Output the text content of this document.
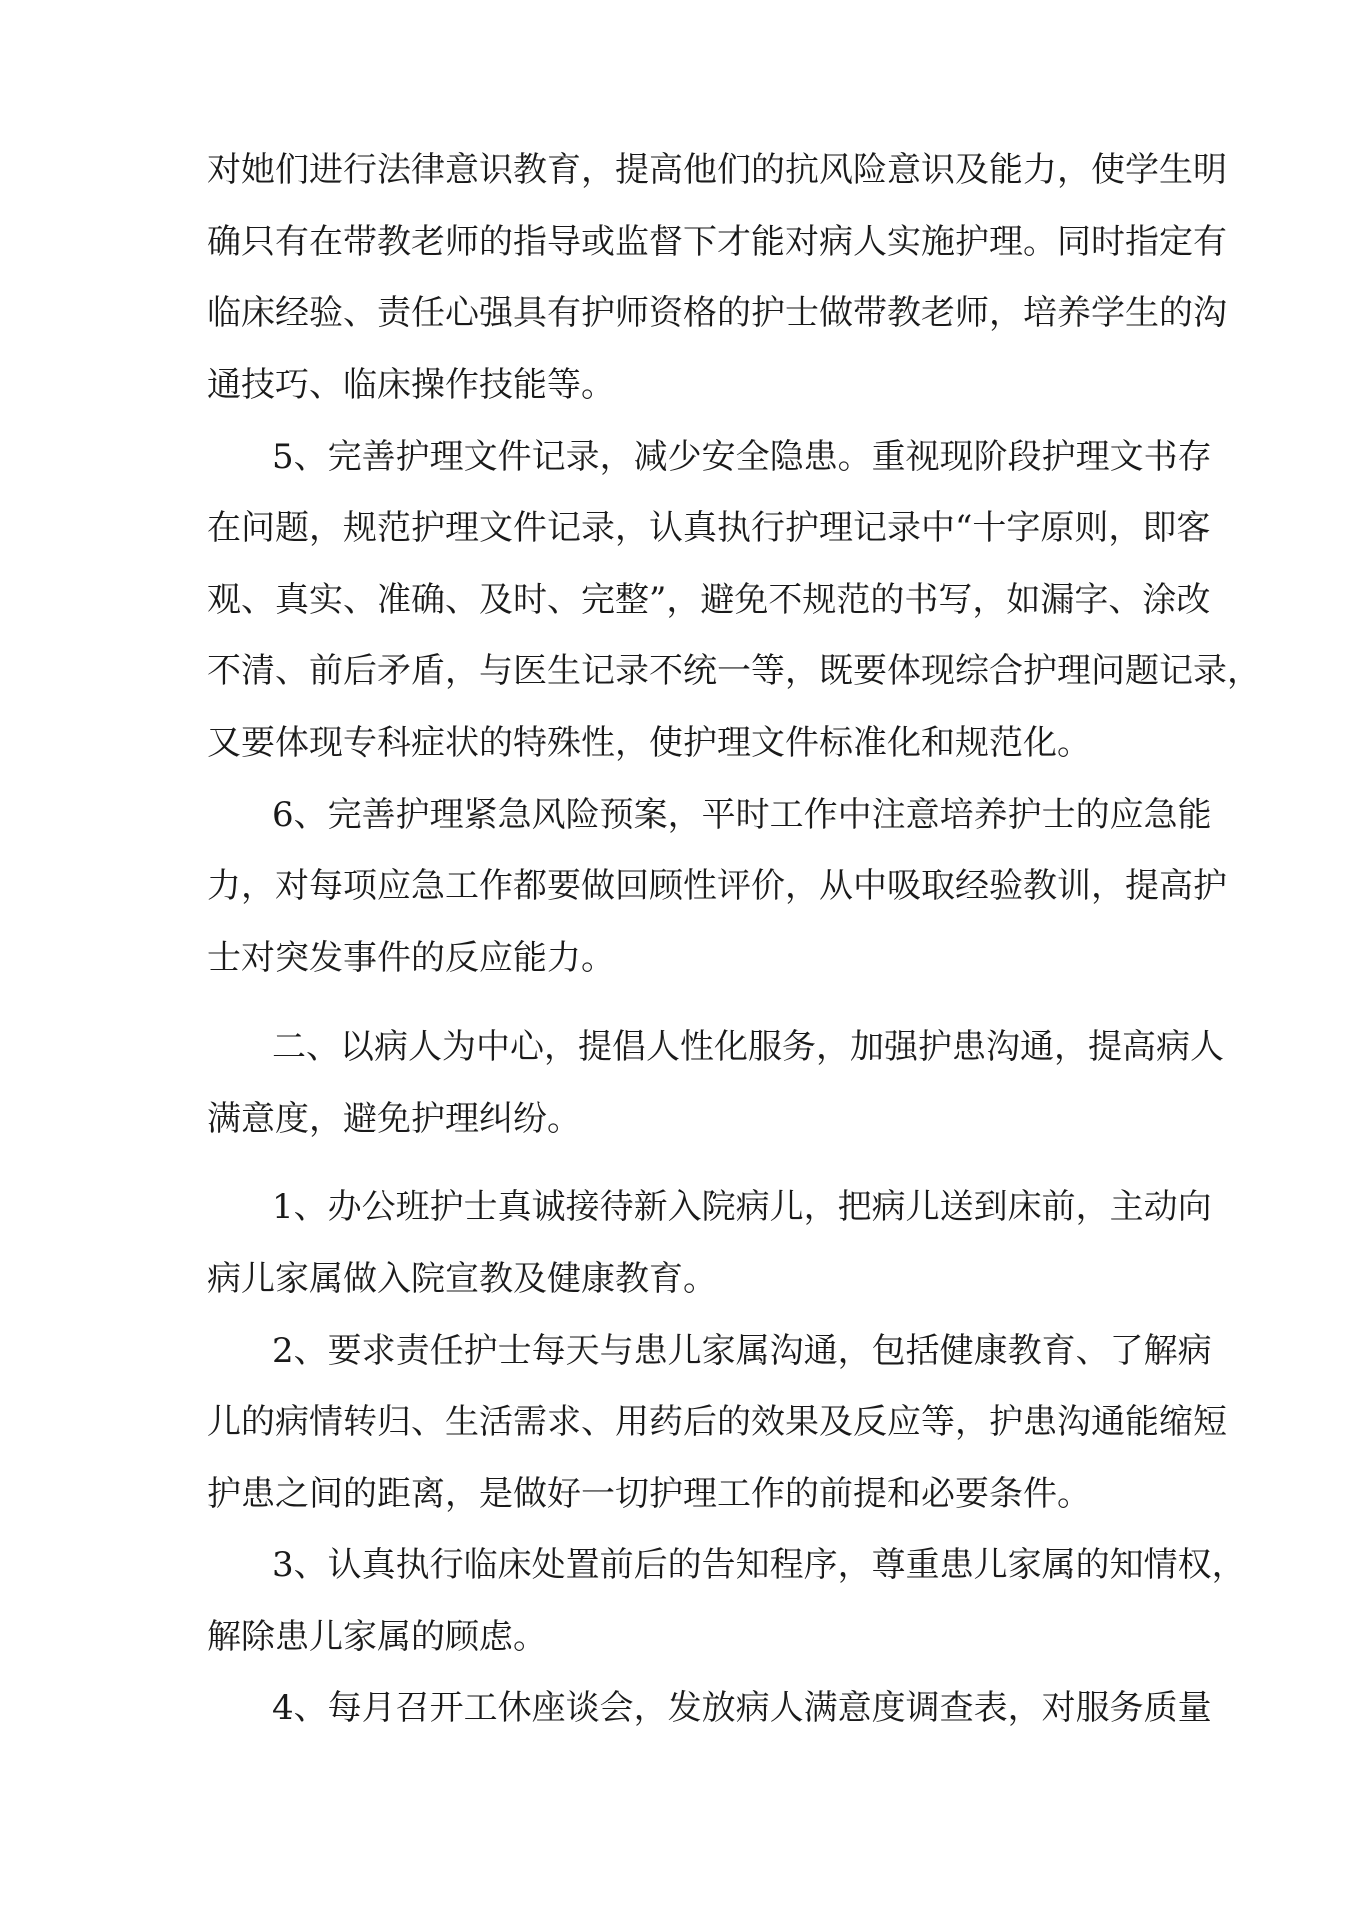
对她们进行法律意识教育，提高他们的抗风险意识及能力，使学生明
确只有在带教老师的指导或监督下才能对病人实施护理。同时指定有
临床经验、责任心强具有护师资格的护士做带教老师，培养学生的沟
通技巧、临床操作技能等。
5、完善护理文件记录，减少安全隐患。重视现阶段护理文书存
在问题，规范护理文件记录，认真执行护理记录中“十字原则，即客
观、真实、准确、及时、完整”，避免不规范的书写，如漏字、涂改
不清、前后矛盾，与医生记录不统一等，既要体现综合护理问题记录，
又要体现专科症状的特殊性，使护理文件标准化和规范化。
6、完善护理紧急风险预案，平时工作中注意培养护士的应急能
力，对每项应急工作都要做回顾性评价，从中吸取经验教训，提高护
士对突发事件的反应能力。
二、以病人为中心，提倡人性化服务，加强护患沟通，提高病人
满意度，避免护理纠纷。
1、办公班护士真诚接待新入院病儿，把病儿送到床前，主动向
病儿家属做入院宣教及健康教育。
2、要求责任护士每天与患儿家属沟通，包括健康教育、了解病
儿的病情转归、生活需求、用药后的效果及反应等，护患沟通能缩短
护患之间的距离，是做好一切护理工作的前提和必要条件。
3、认真执行临床处置前后的告知程序，尊重患儿家属的知情权，
解除患儿家属的顾虑。
4、每月召开工休座谈会，发放病人满意度调查表，对服务质量
